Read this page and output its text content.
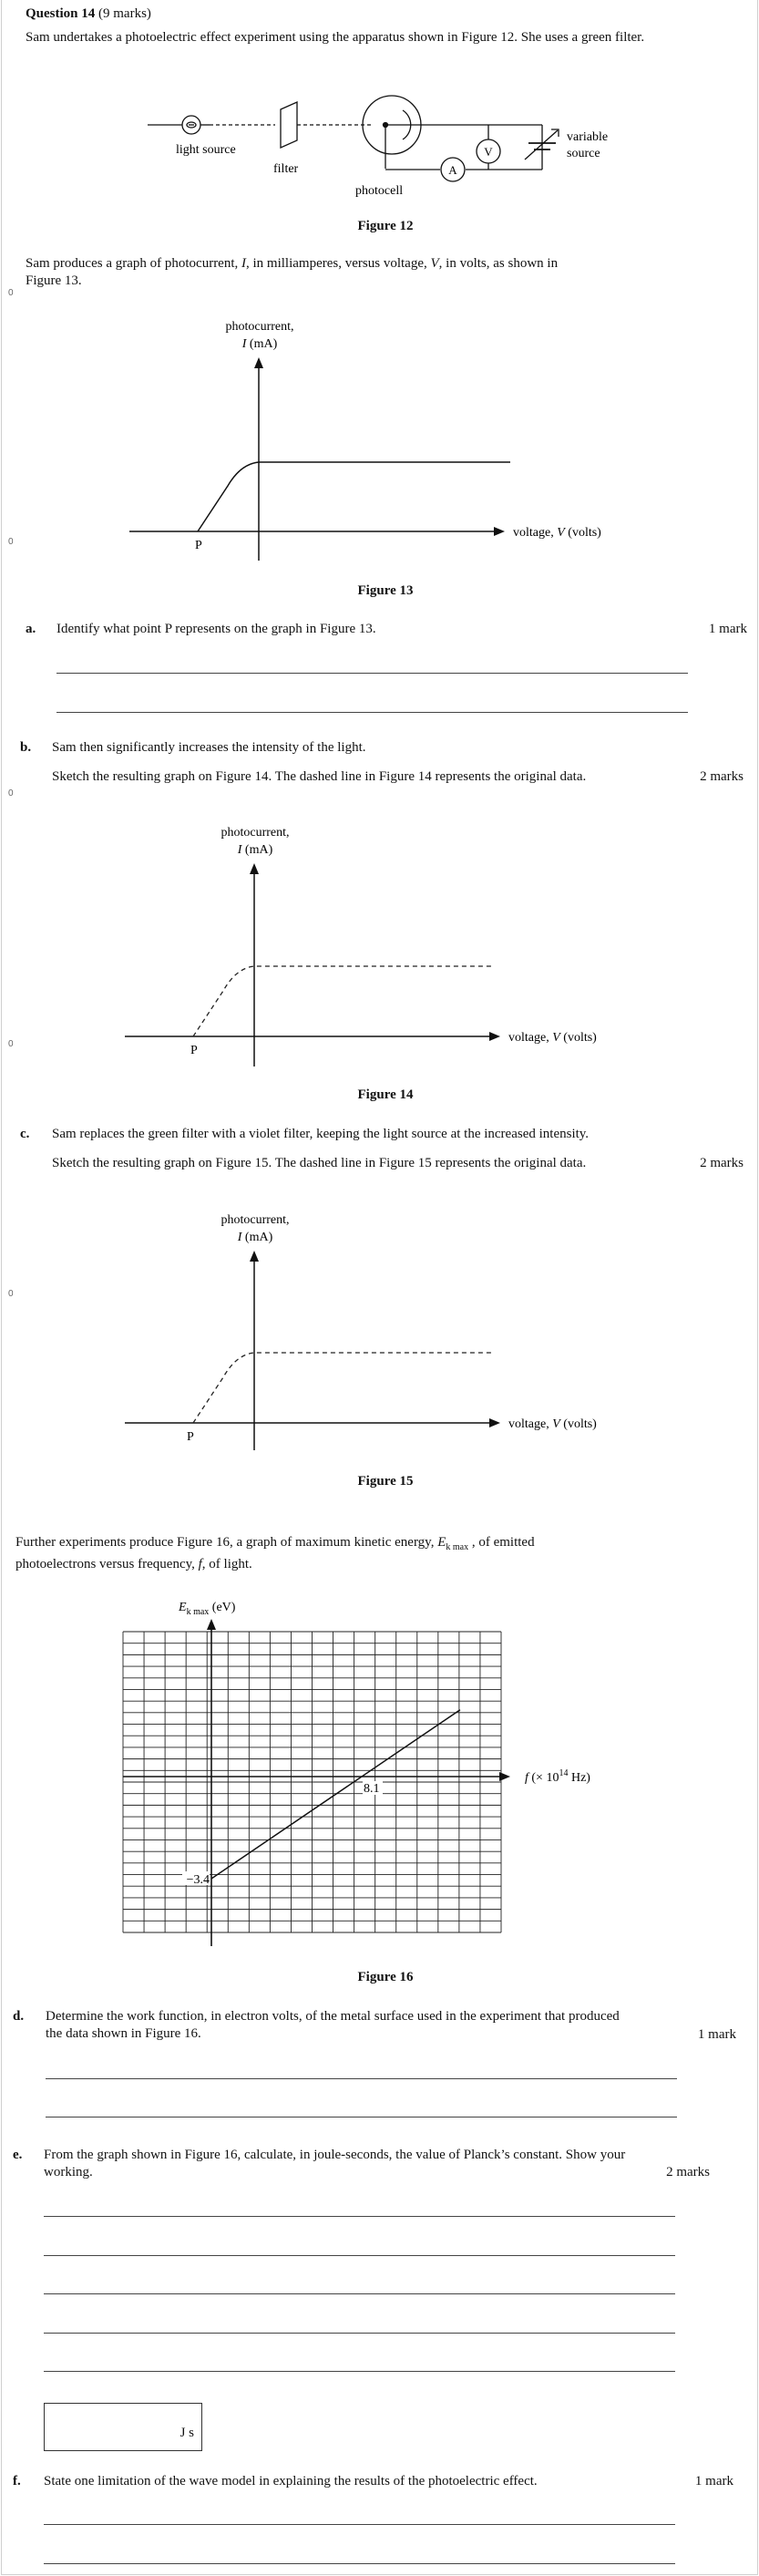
Question 14 (9 marks)
Sam undertakes a photoelectric effect experiment using the apparatus shown in Figure 12. She uses a green filter.
V
A
light source
filter
photocell
variable
source
Figure 12
Sam produces a graph of photocurrent, I, in milliamperes, versus voltage, V, in volts, as shown in
Figure 13.
0
photocurrent,
I (mA)
P
voltage, V (volts)
0
Figure 13
a. Identify what point P represents on the graph in Figure 13.	1 mark
b. Sam then significantly increases the intensity of the light.
Sketch the resulting graph on Figure 14. The dashed line in Figure 14 represents the original data.	2 marks
0
photocurrent,
I (mA)
P
voltage, V (volts)
0
Figure 14
c. Sam replaces the green filter with a violet filter, keeping the light source at the increased intensity.
Sketch the resulting graph on Figure 15. The dashed line in Figure 15 represents the original data.	2 marks
photocurrent,
I (mA)
P
voltage, V (volts)
0
Figure 15
Further experiments produce Figure 16, a graph of maximum kinetic energy, $E_{k max}$ , of emitted
photoelectrons versus frequency, f, of light.
8.1
−3.4
$E_{k max}$ (eV)
f (× $10^{14}$ Hz)
Figure 16
d. Determine the work function, in electron volts, of the metal surface used in the experiment that produced the data shown in Figure 16.	1 mark
e. From the graph shown in Figure 16, calculate, in joule-seconds, the value of Planck’s constant. Show your working.	2 marks
J s
f. State one limitation of the wave model in explaining the results of the photoelectric effect.	1 mark
